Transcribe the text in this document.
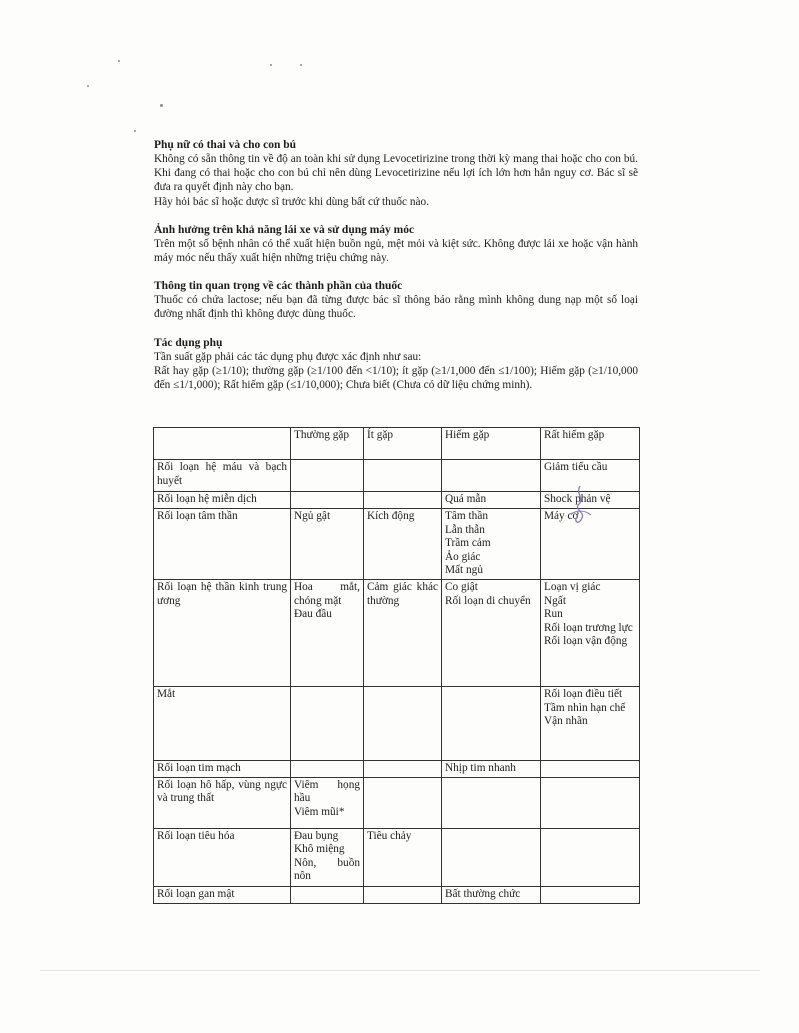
Phụ nữ có thai và cho con bú

Không có sẵn thông tin về độ an toàn khi sử dụng Levocetirizine trong thời kỳ mang thai hoặc cho con bú. Khi đang có thai hoặc cho con bú chỉ nên dùng Levocetirizine nếu lợi ích lớn hơn hẳn nguy cơ. Bác sĩ sẽ đưa ra quyết định này cho bạn.

Hãy hỏi bác sĩ hoặc dược sĩ trước khi dùng bất cứ thuốc nào.

Ảnh hưởng trên khả năng lái xe và sử dụng máy móc

Trên một số bệnh nhân có thể xuất hiện buồn ngủ, mệt mỏi và kiệt sức. Không được lái xe hoặc vận hành máy móc nếu thấy xuất hiện những triệu chứng này.

Thông tin quan trọng về các thành phần của thuốc

Thuốc có chứa lactose; nếu bạn đã từng được bác sĩ thông báo rằng mình không dung nạp một số loại đường nhất định thì không được dùng thuốc.

Tác dụng phụ

Tần suất gặp phải các tác dụng phụ được xác định như sau:

Rất hay gặp (≥1/10); thường gặp (≥1/100 đến <1/10); ít gặp (≥1/1,000 đến ≤1/100); Hiếm gặp (≥1/10,000 đến ≤1/1,000); Rất hiếm gặp (≤1/10,000); Chưa biết (Chưa có dữ liệu chứng minh).

	Thường gặp	Ít gặp	Hiếm gặp	Rất hiếm gặp

Rối loạn hệ máu và bạch huyết				Giảm tiểu cầu

Rối loạn hệ miễn dịch			Quá mẫn	Shock phản vệ

Rối loạn tâm thần	Ngủ gật	Kích động	Tâm thần
Lẫn thẫn
Trầm cảm
Ảo giác
Mất ngủ	Máy cơ

Rối loạn hệ thần kinh trung ương	Hoa mắt, chóng mặt
Đau đầu	Cảm giác khác thường	Co giật
Rối loạn di chuyển	Loạn vị giác
Ngất
Run
Rối loạn trương lực
Rối loạn vận động

Mắt				Rối loạn điều tiết
Tầm nhìn hạn chế
Vận nhãn

Rối loạn tim mạch			Nhịp tim nhanh	

Rối loạn hô hấp, vùng ngực và trung thất	Viêm họng hầu
Viêm mũi*			

Rối loạn tiêu hóa	Đau bụng
Khô miệng
Nôn, buồn nôn	Tiêu chảy		

Rối loạn gan mật			Bất thường chức	
